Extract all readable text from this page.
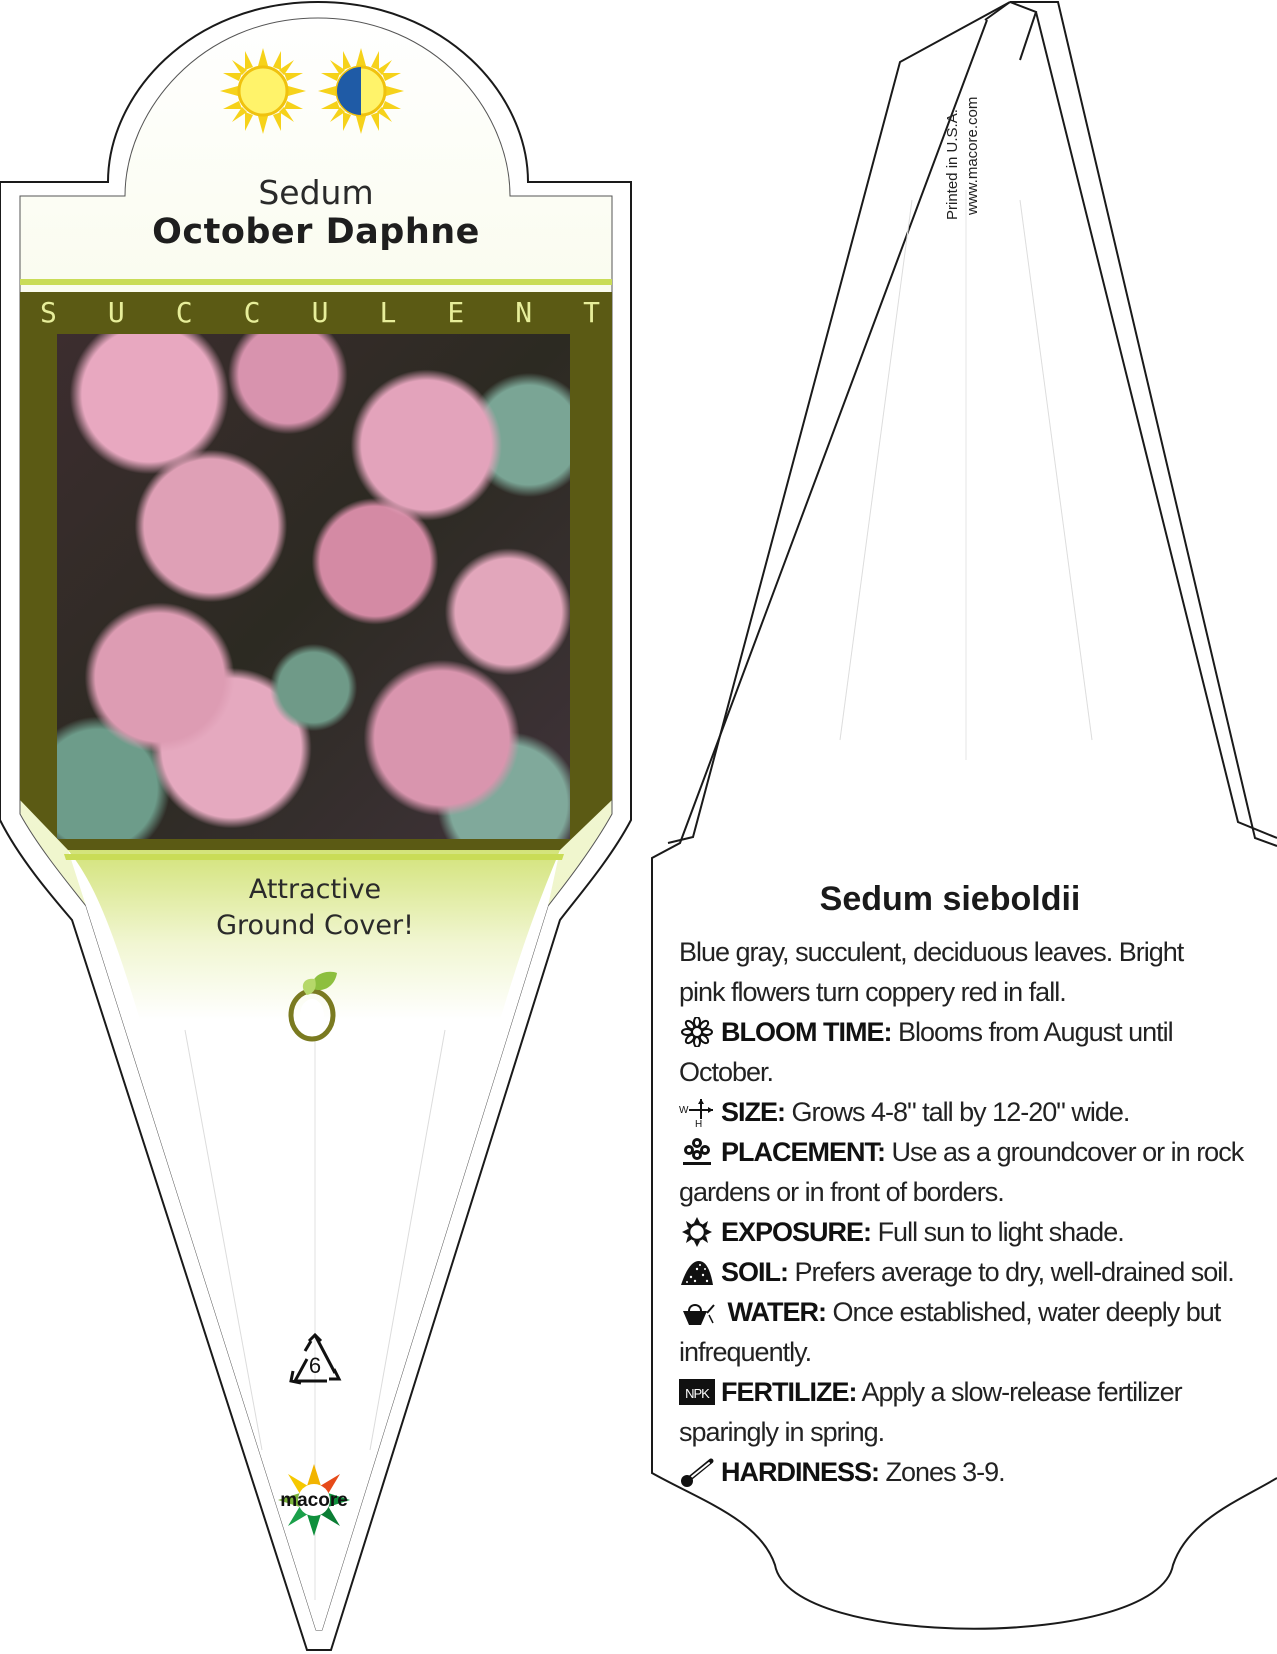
Sedum
October Daphne
S U C C U L E N T
Attractive
Ground Cover!
6
macore
Printed in U.S.A. www.macore.com
Sedum sieboldii

Blue gray, succulent, deciduous leaves. Bright pink flowers turn coppery red in fall.

BLOOM TIME: Blooms from August until October.

W
H SIZE: Grows 4-8" tall by 12-20" wide.

PLACEMENT: Use as a groundcover or in rock gardens or in front of borders.

EXPOSURE: Full sun to light shade.

SOIL: Prefers average to dry, well-drained soil.

WATER: Once established, water deeply but infrequently.

NPK FERTILIZE: Apply a slow-release fertilizer sparingly in spring.

HARDINESS: Zones 3-9.
